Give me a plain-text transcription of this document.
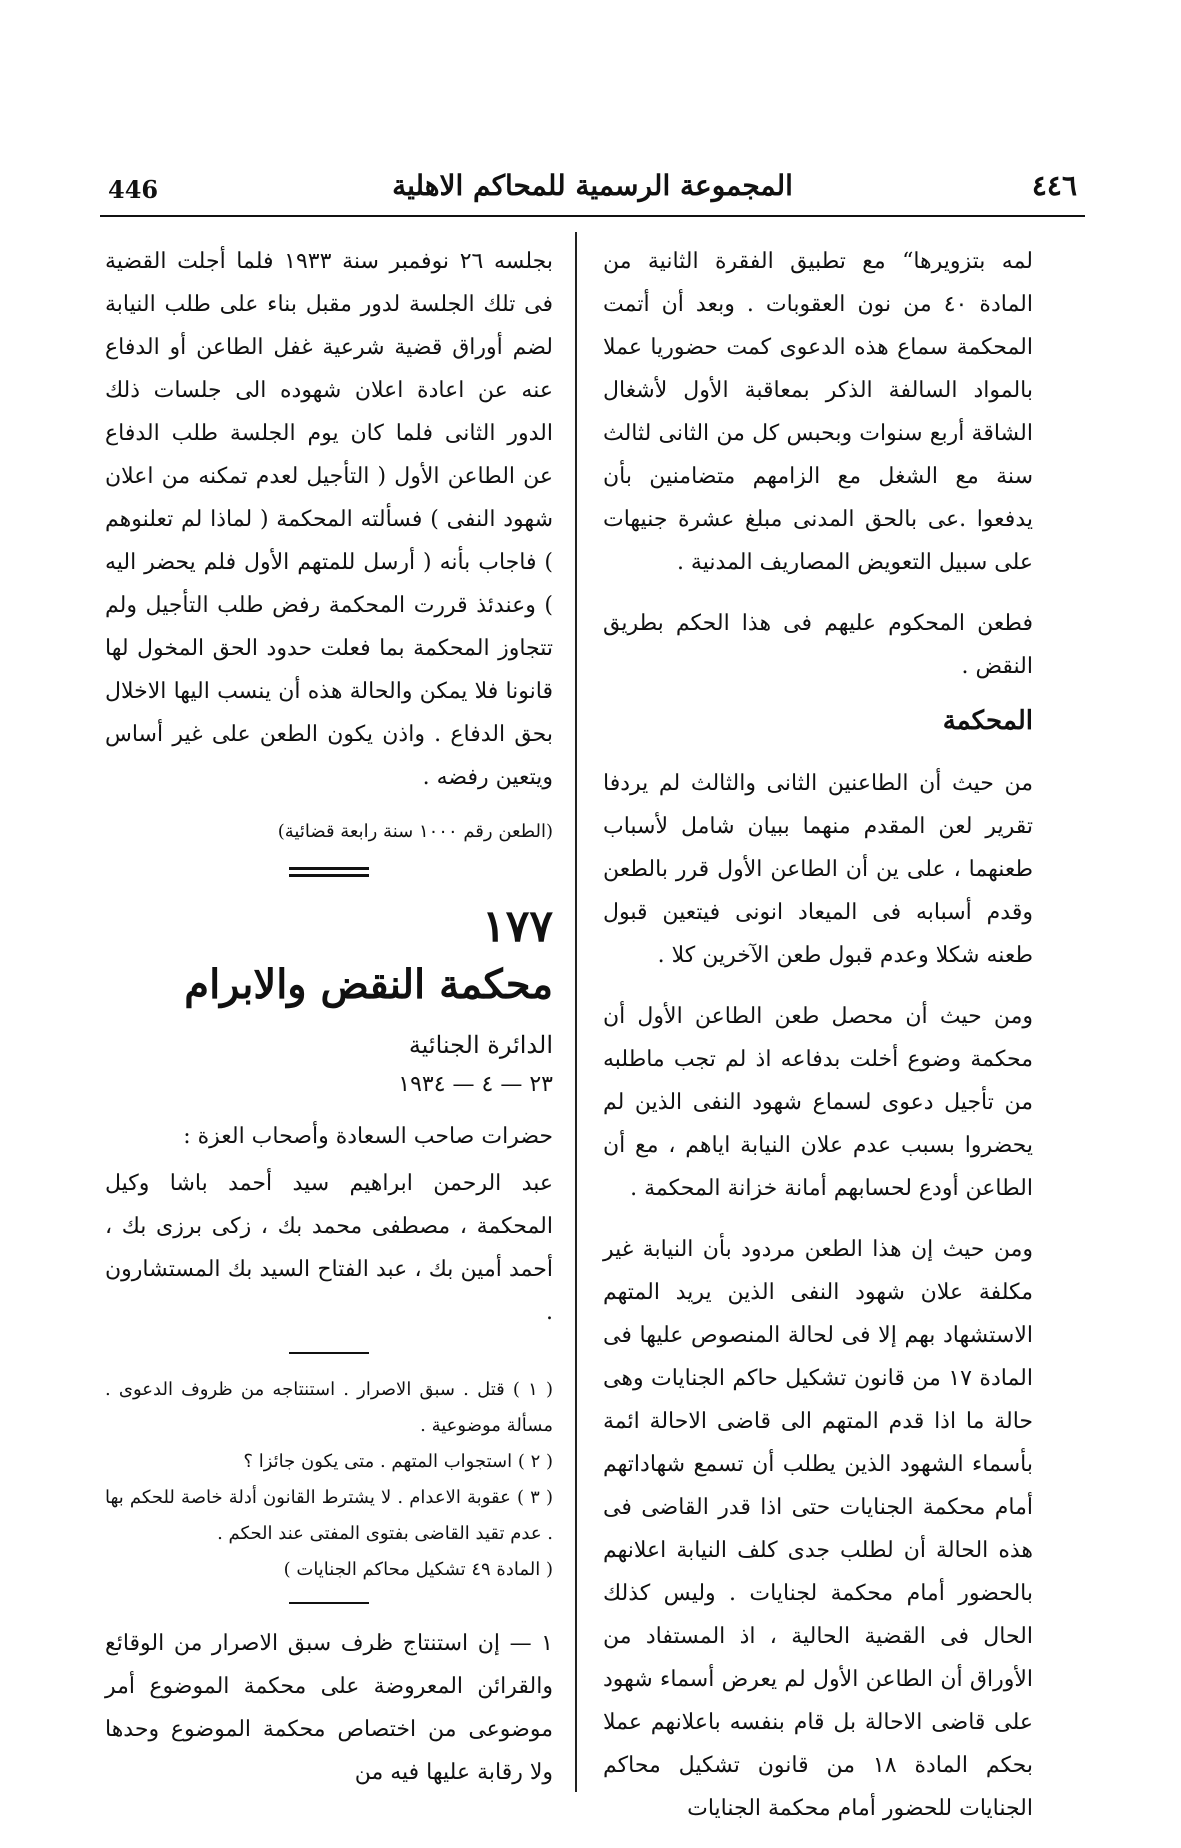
446	المجموعة الرسمية للمحاكم الاهلية	٤٤٦

لمه بتزويرها“ مع تطبيق الفقرة الثانية من المادة ٤٠ من نون العقوبات . وبعد أن أتمت المحكمة سماع هذه الدعوى كمت حضوريا عملا بالمواد السالفة الذكر بمعاقبة الأول لأشغال الشاقة أربع سنوات وبحبس كل من الثانى لثالث سنة مع الشغل مع الزامهم متضامنين بأن يدفعوا .عى بالحق المدنى مبلغ عشرة جنيهات على سبيل التعويض المصاريف المدنية .

فطعن المحكوم عليهم فى هذا الحكم بطريق النقض .

المحكمة

من حيث أن الطاعنين الثانى والثالث لم يردفا تقرير لعن المقدم منهما ببيان شامل لأسباب طعنهما ، على ين أن الطاعن الأول قرر بالطعن وقدم أسبابه فى الميعاد انونى فيتعين قبول طعنه شكلا وعدم قبول طعن الآخرين كلا .

ومن حيث أن محصل طعن الطاعن الأول أن محكمة وضوع أخلت بدفاعه اذ لم تجب ماطلبه من تأجيل دعوى لسماع شهود النفى الذين لم يحضروا بسبب عدم علان النيابة اياهم ، مع أن الطاعن أودع لحسابهم أمانة خزانة المحكمة .

ومن حيث إن هذا الطعن مردود بأن النيابة غير مكلفة علان شهود النفى الذين يريد المتهم الاستشهاد بهم إلا فى لحالة المنصوص عليها فى المادة ١٧ من قانون تشكيل حاكم الجنايات وهى حالة ما اذا قدم المتهم الى قاضى الاحالة ائمة بأسماء الشهود الذين يطلب أن تسمع شهاداتهم أمام محكمة الجنايات حتى اذا قدر القاضى فى هذه الحالة أن لطلب جدى كلف النيابة اعلانهم بالحضور أمام محكمة لجنايات . وليس كذلك الحال فى القضية الحالية ، اذ المستفاد من الأوراق أن الطاعن الأول لم يعرض أسماء شهود على قاضى الاحالة بل قام بنفسه باعلانهم عملا بحكم المادة ١٨ من قانون تشكيل محاكم الجنايات للحضور أمام محكمة الجنايات

بجلسه ٢٦ نوفمبر سنة ١٩٣٣ فلما أجلت القضية فى تلك الجلسة لدور مقبل بناء على طلب النيابة لضم أوراق قضية شرعية غفل الطاعن أو الدفاع عنه عن اعادة اعلان شهوده الى جلسات ذلك الدور الثانى فلما كان يوم الجلسة طلب الدفاع عن الطاعن الأول ( التأجيل لعدم تمكنه من اعلان شهود النفى ) فسألته المحكمة ( لماذا لم تعلنوهم ) فاجاب بأنه ( أرسل للمتهم الأول فلم يحضر اليه ) وعندئذ قررت المحكمة رفض طلب التأجيل ولم تتجاوز المحكمة بما فعلت حدود الحق المخول لها قانونا فلا يمكن والحالة هذه أن ينسب اليها الاخلال بحق الدفاع . واذن يكون الطعن على غير أساس ويتعين رفضه .

(الطعن رقم ١٠٠٠ سنة رابعة قضائية)
١٧٧
محكمة النقض والابرام
الدائرة الجنائية
٢٣ — ٤ — ١٩٣٤

حضرات صاحب السعادة وأصحاب العزة :

عبد الرحمن ابراهيم سيد أحمد باشا وكيل المحكمة ، مصطفى محمد بك ، زكى برزى بك ، أحمد أمين بك ، عبد الفتاح السيد بك المستشارون .

( ١ ) قتل . سبق الاصرار . استنتاجه من ظروف الدعوى . مسألة موضوعية .
( ٢ ) استجواب المتهم . متى يكون جائزا ؟
( ٣ ) عقوبة الاعدام . لا يشترط القانون أدلة خاصة للحكم بها . عدم تقيد القاضى بفتوى المفتى عند الحكم .
( المادة ٤٩ تشكيل محاكم الجنايات )

١ — إن استنتاج ظرف سبق الاصرار من الوقائع والقرائن المعروضة على محكمة الموضوع أمر موضوعى من اختصاص محكمة الموضوع وحدها ولا رقابة عليها فيه من
